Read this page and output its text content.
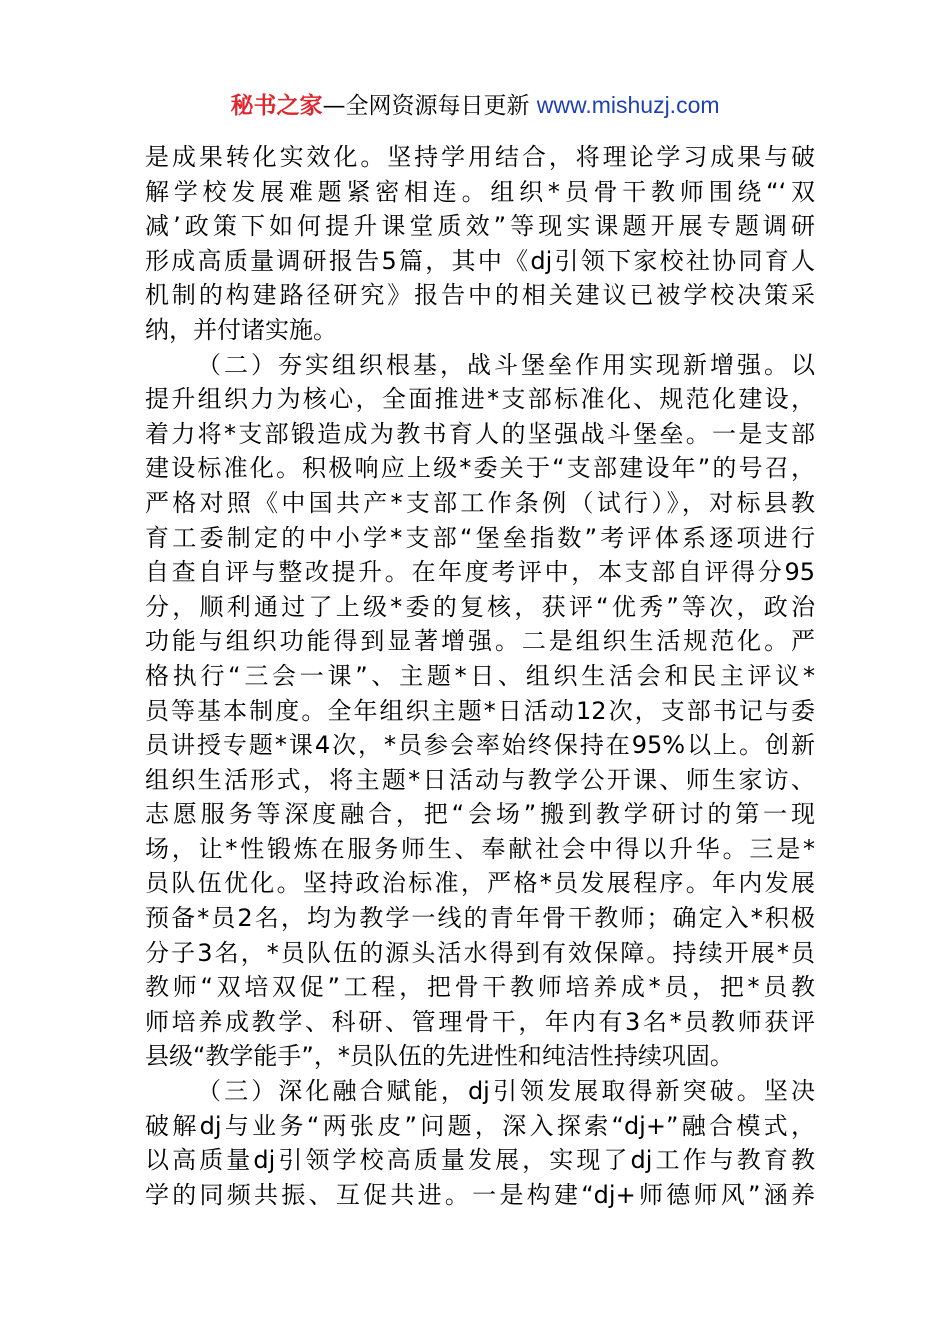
秘书之家—全网资源每日更新 www.mishuzj.com
是成果转化实效化。坚持学用结合，将理论学习成果与破
解学校发展难题紧密相连。组织*员骨干教师围绕“‘双
减’政策下如何提升课堂质效”等现实课题开展专题调研
形成高质量调研报告5篇，其中《dj引领下家校社协同育人
机制的构建路径研究》报告中的相关建议已被学校决策采
纳，并付诸实施。
（二）夯实组织根基，战斗堡垒作用实现新增强。以
提升组织力为核心，全面推进*支部标准化、规范化建设，
着力将*支部锻造成为教书育人的坚强战斗堡垒。一是支部
建设标准化。积极响应上级*委关于“支部建设年”的号召，
严格对照《中国共产*支部工作条例（试行）》，对标县教
育工委制定的中小学*支部“堡垒指数”考评体系逐项进行
自查自评与整改提升。在年度考评中，本支部自评得分95
分，顺利通过了上级*委的复核，获评“优秀”等次，政治
功能与组织功能得到显著增强。二是组织生活规范化。严
格执行“三会一课”、主题*日、组织生活会和民主评议*
员等基本制度。全年组织主题*日活动12次，支部书记与委
员讲授专题*课4次，*员参会率始终保持在95%以上。创新
组织生活形式，将主题*日活动与教学公开课、师生家访、
志愿服务等深度融合，把“会场”搬到教学研讨的第一现
场，让*性锻炼在服务师生、奉献社会中得以升华。三是*
员队伍优化。坚持政治标准，严格*员发展程序。年内发展
预备*员2名，均为教学一线的青年骨干教师；确定入*积极
分子3名，*员队伍的源头活水得到有效保障。持续开展*员
教师“双培双促”工程，把骨干教师培养成*员，把*员教
师培养成教学、科研、管理骨干，年内有3名*员教师获评
县级“教学能手”，*员队伍的先进性和纯洁性持续巩固。
（三）深化融合赋能，dj引领发展取得新突破。坚决
破解dj与业务“两张皮”问题，深入探索“dj+”融合模式，
以高质量dj引领学校高质量发展，实现了dj工作与教育教
学的同频共振、互促共进。一是构建“dj+师德师风”涵养
